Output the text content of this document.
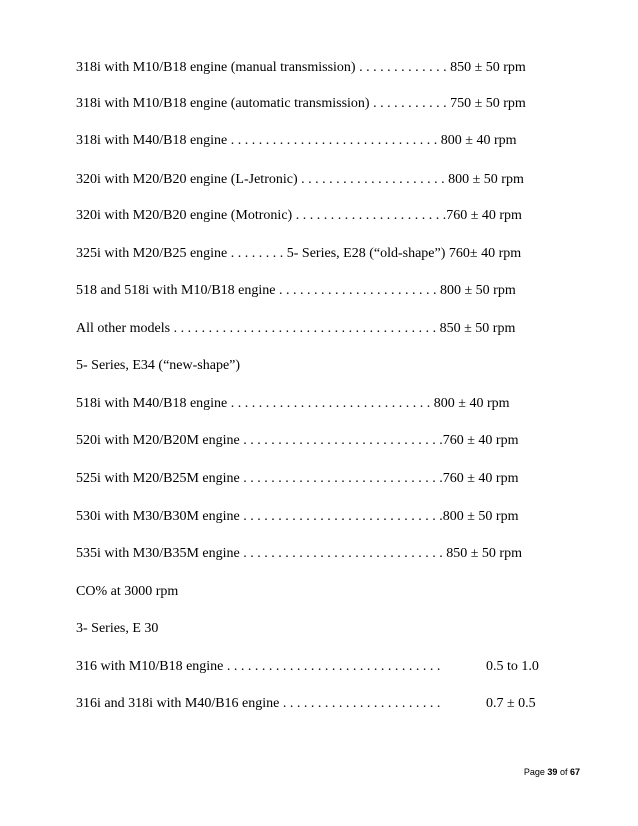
318i with M10/B18 engine (manual transmission) . . . . . . . . . . . . . 850 ± 50 rpm
318i with M10/B18 engine (automatic transmission) . . . . . . . . . . . 750 ± 50 rpm
318i with M40/B18 engine . . . . . . . . . . . . . . . . . . . . . . . . . . . . . . 800 ± 40 rpm
320i with M20/B20 engine (L-Jetronic) . . . . . . . . . . . . . . . . . . . . . 800 ± 50 rpm
320i with M20/B20 engine (Motronic) . . . . . . . . . . . . . . . . . . . . . .760 ± 40 rpm
325i with M20/B25 engine . . . . . . . . 5- Series, E28 (“old-shape”) 760± 40 rpm
518 and 518i with M10/B18 engine . . . . . . . . . . . . . . . . . . . . . . . 800 ± 50 rpm
All other models . . . . . . . . . . . . . . . . . . . . . . . . . . . . . . . . . . . . . . 850 ± 50 rpm
5- Series, E34 (“new-shape”)
518i with M40/B18 engine . . . . . . . . . . . . . . . . . . . . . . . . . . . . . 800 ± 40 rpm
520i with M20/B20M engine . . . . . . . . . . . . . . . . . . . . . . . . . . . . .760 ± 40 rpm
525i with M20/B25M engine . . . . . . . . . . . . . . . . . . . . . . . . . . . . .760 ± 40 rpm
530i with M30/B30M engine . . . . . . . . . . . . . . . . . . . . . . . . . . . . .800 ± 50 rpm
535i with M30/B35M engine . . . . . . . . . . . . . . . . . . . . . . . . . . . . . 850 ± 50 rpm
CO% at 3000 rpm
3- Series, E 30
316 with M10/B18 engine . . . . . . . . . . . . . . . . . . . . . . . . . . . . . . .	0.5 to 1.0
316i and 318i with M40/B16 engine . . . . . . . . . . . . . . . . . . . . . . .	0.7 ± 0.5
Page 39 of 67
